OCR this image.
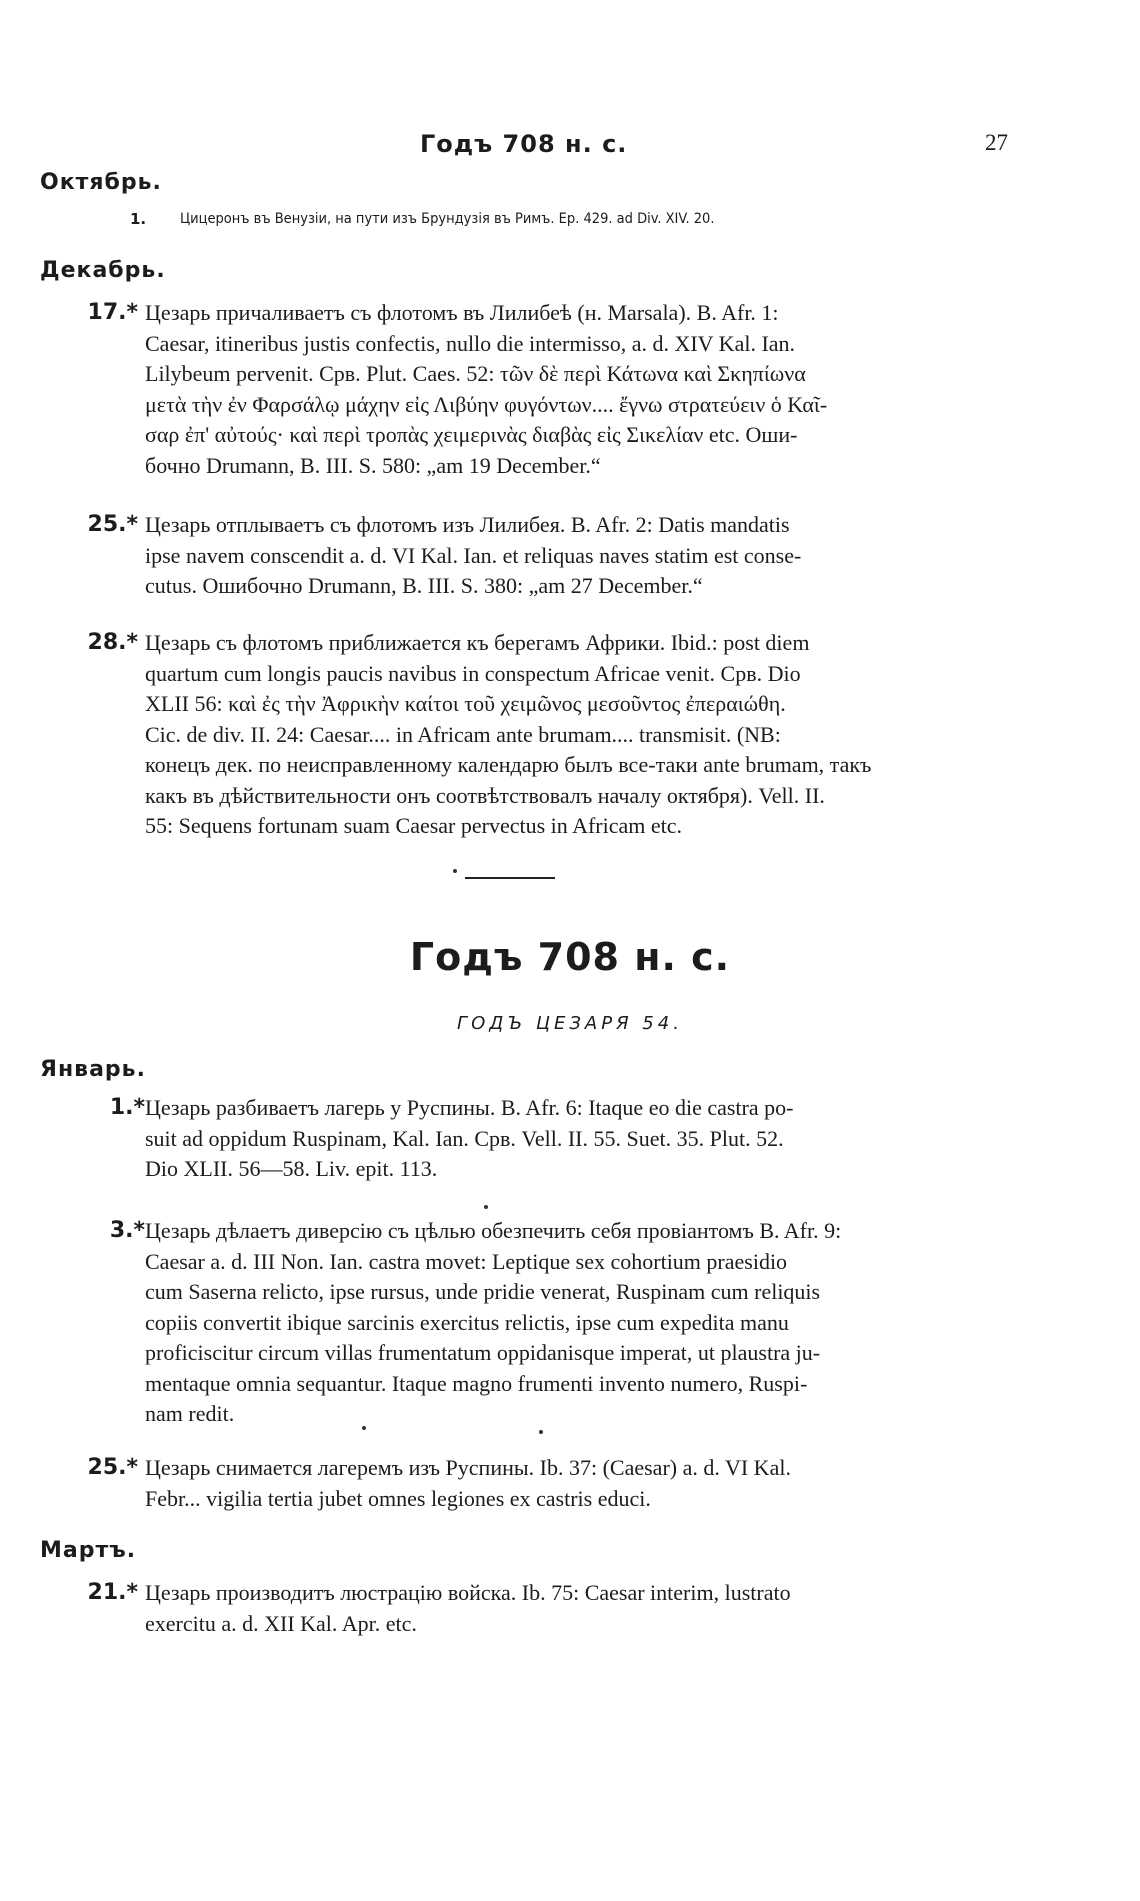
Годъ 708 н. с.	27
Октябрь.
1.	Цицеронъ въ Венузіи, на пути изъ Брундузія въ Римъ. Ер. 429. ad Div. XIV. 20.
Декабрь.
17.* Цезарь причаливаетъ съ флотомъ въ Лилибеѣ (н. Marsala). B. Afr. 1:
Caesar, itineribus justis confectis, nullo die intermisso, a. d. XIV Kal. Ian.
Lilybeum pervenit. Срв. Plut. Caes. 52: τῶν δὲ περὶ Κάτωνα καὶ Σκηπίωνα
μετὰ τὴν ἐν Φαρσάλῳ μάχην εἰς Λιβύην φυγόντων.... ἔγνω στρατεύειν ὁ Καῖ-
σαρ ἐπ' αὐτούς· καὶ περὶ τροπὰς χειμερινὰς διαβὰς εἰς Σικελίαν etc. Оши-
бочно Drumann, B. III. S. 580: „am 19 December.“
25.* Цезарь отплываетъ съ флотомъ изъ Лилибея. B. Afr. 2: Datis mandatis
ipse navem conscendit a. d. VI Kal. Ian. et reliquas naves statim est conse-
cutus. Ошибочно Drumann, B. III. S. 380: „am 27 December.“
28.* Цезарь съ флотомъ приближается къ берегамъ Африки. Ibid.: post diem
quartum cum longis paucis navibus in conspectum Africae venit. Срв. Dio
XLII 56: καὶ ἐς τὴν Ἀφρικὴν καίτοι τοῦ χειμῶνος μεσοῦντος ἐπεραιώθη.
Cic. de div. II. 24: Caesar.... in Africam ante brumam.... transmisit. (NB:
конецъ дек. по неисправленному календарю былъ все-таки ante brumam, такъ
какъ въ дѣйствительности онъ соотвѣтствовалъ началу октября). Vell. II.
55: Sequens fortunam suam Caesar pervectus in Africam etc.
Годъ 708 н. с.
ГОДЪ ЦЕЗАРЯ 54.
Январь.
1.* Цезарь разбиваетъ лагерь у Руспины. B. Afr. 6: Itaque eo die castra po-
suit ad oppidum Ruspinam, Kal. Ian. Срв. Vell. II. 55. Suet. 35. Plut. 52.
Dio XLII. 56—58. Liv. epit. 113.
3.* Цезарь дѣлаетъ диверсію съ цѣлью обезпечить себя провіантомъ B. Afr. 9:
Caesar a. d. III Non. Ian. castra movet: Leptique sex cohortium praesidio
cum Saserna relicto, ipse rursus, unde pridie venerat, Ruspinam cum reliquis
copiis convertit ibique sarcinis exercitus relictis, ipse cum expedita manu
proficiscitur circum villas frumentatum oppidanisque imperat, ut plaustra ju-
mentaque omnia sequantur. Itaque magno frumenti invento numero, Ruspi-
nam redit.
25.* Цезарь снимается лагеремъ изъ Руспины. Ib. 37: (Caesar) a. d. VI Kal.
Febr... vigilia tertia jubet omnes legiones ex castris educi.
Мартъ.
21.* Цезарь производитъ люстрацію войска. Ib. 75: Caesar interim, lustrato
exercitu a. d. XII Kal. Apr. etc.
